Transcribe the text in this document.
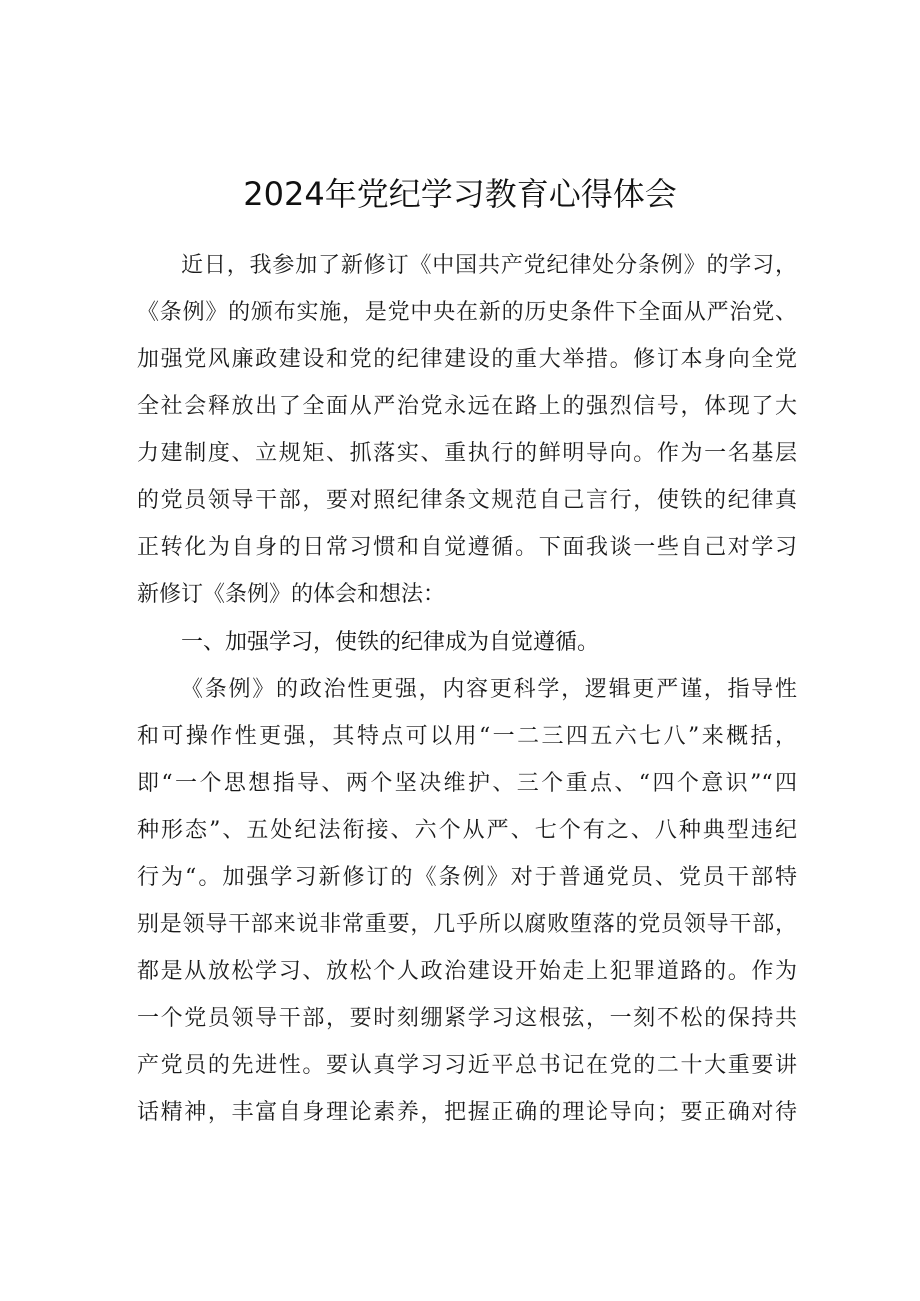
2024年党纪学习教育心得体会
近日，我参加了新修订《中国共产党纪律处分条例》的学习，
《条例》的颁布实施，是党中央在新的历史条件下全面从严治党、
加强党风廉政建设和党的纪律建设的重大举措。修订本身向全党
全社会释放出了全面从严治党永远在路上的强烈信号，体现了大
力建制度、立规矩、抓落实、重执行的鲜明导向。作为一名基层
的党员领导干部，要对照纪律条文规范自己言行，使铁的纪律真
正转化为自身的日常习惯和自觉遵循。下面我谈一些自己对学习
新修订《条例》的体会和想法：
一、加强学习，使铁的纪律成为自觉遵循。
《条例》的政治性更强，内容更科学，逻辑更严谨，指导性
和可操作性更强，其特点可以用“一二三四五六七八”来概括，
即“一个思想指导、两个坚决维护、三个重点、“四个意识”“四
种形态”、五处纪法衔接、六个从严、七个有之、八种典型违纪
行为“。加强学习新修订的《条例》对于普通党员、党员干部特
别是领导干部来说非常重要，几乎所以腐败堕落的党员领导干部，
都是从放松学习、放松个人政治建设开始走上犯罪道路的。作为
一个党员领导干部，要时刻绷紧学习这根弦，一刻不松的保持共
产党员的先进性。要认真学习习近平总书记在党的二十大重要讲
话精神，丰富自身理论素养，把握正确的理论导向；要正确对待
